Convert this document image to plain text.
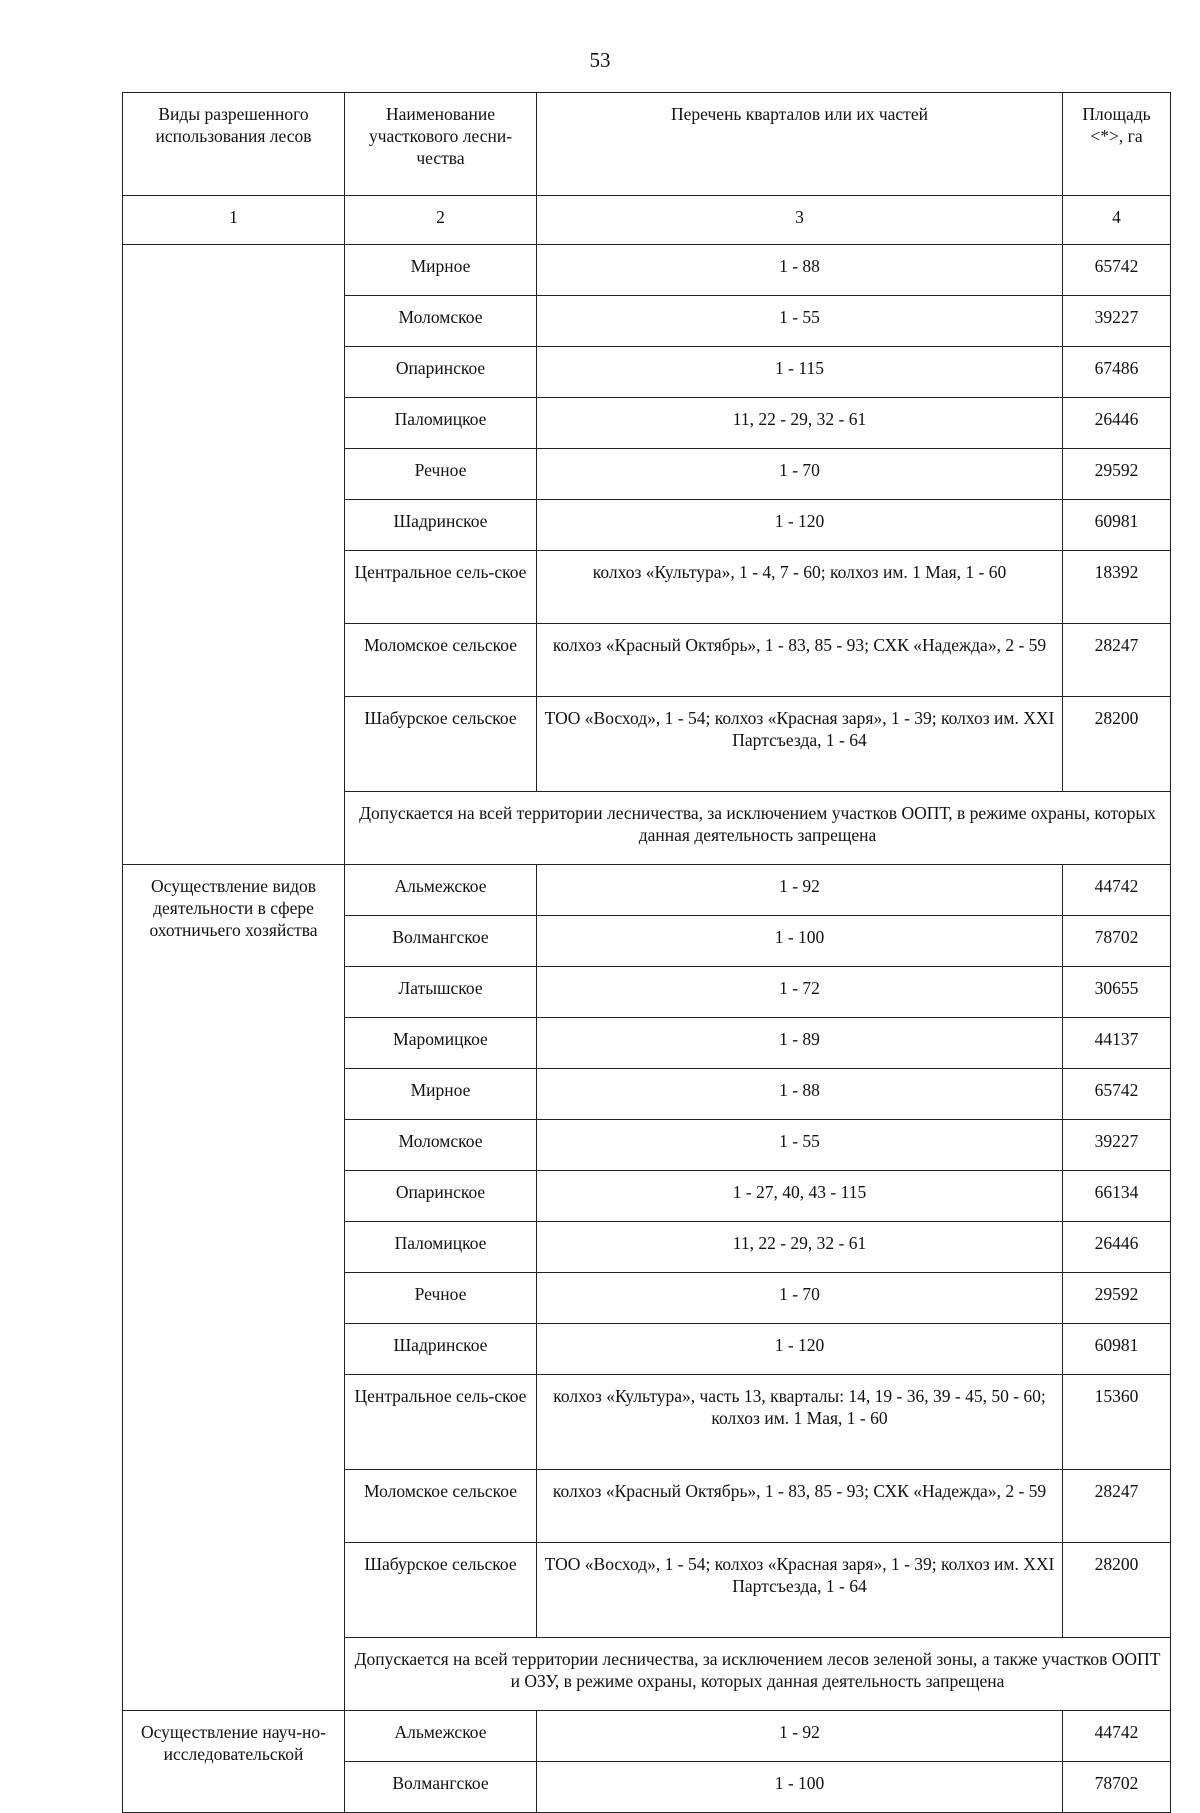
53
Виды разрешенного использования лесов	Наименование участкового лесни-чества	Перечень кварталов или их частей	Площадь <*>, га
1	2	3	4
	Мирное	1 - 88	65742
	Моломское	1 - 55	39227
	Опаринское	1 - 115	67486
	Паломицкое	11, 22 - 29, 32 - 61	26446
	Речное	1 - 70	29592
	Шадринское	1 - 120	60981
	Центральное сель-ское	колхоз «Культура», 1 - 4, 7 - 60; колхоз им. 1 Мая, 1 - 60	18392
	Моломское сельское	колхоз «Красный Октябрь», 1 - 83, 85 - 93; СХК «Надежда», 2 - 59	28247
	Шабурское сельское	ТОО «Восход», 1 - 54; колхоз «Красная заря», 1 - 39; колхоз им. XXI Партсъезда, 1 - 64	28200
	Допускается на всей территории лесничества, за исключением участков ООПТ, в режиме охраны, которых данная деятельность запрещена		
Осуществление видов деятельности в сфере охотничьего хозяйства	Альмежское	1 - 92	44742
	Волмангское	1 - 100	78702
	Латышское	1 - 72	30655
	Маромицкое	1 - 89	44137
	Мирное	1 - 88	65742
	Моломское	1 - 55	39227
	Опаринское	1 - 27, 40, 43 - 115	66134
	Паломицкое	11, 22 - 29, 32 - 61	26446
	Речное	1 - 70	29592
	Шадринское	1 - 120	60981
	Центральное сель-ское	колхоз «Культура», часть 13, кварталы: 14, 19 - 36, 39 - 45, 50 - 60; колхоз им. 1 Мая, 1 - 60	15360
	Моломское сельское	колхоз «Красный Октябрь», 1 - 83, 85 - 93; СХК «Надежда», 2 - 59	28247
	Шабурское сельское	ТОО «Восход», 1 - 54; колхоз «Красная заря», 1 - 39; колхоз им. XXI Партсъезда, 1 - 64	28200
	Допускается на всей территории лесничества, за исключением лесов зеленой зоны, а также участков ООПТ и ОЗУ, в режиме охраны, которых данная деятельность запрещена		
Осуществление науч-но-исследовательской	Альмежское	1 - 92	44742
	Волмангское	1 - 100	78702
